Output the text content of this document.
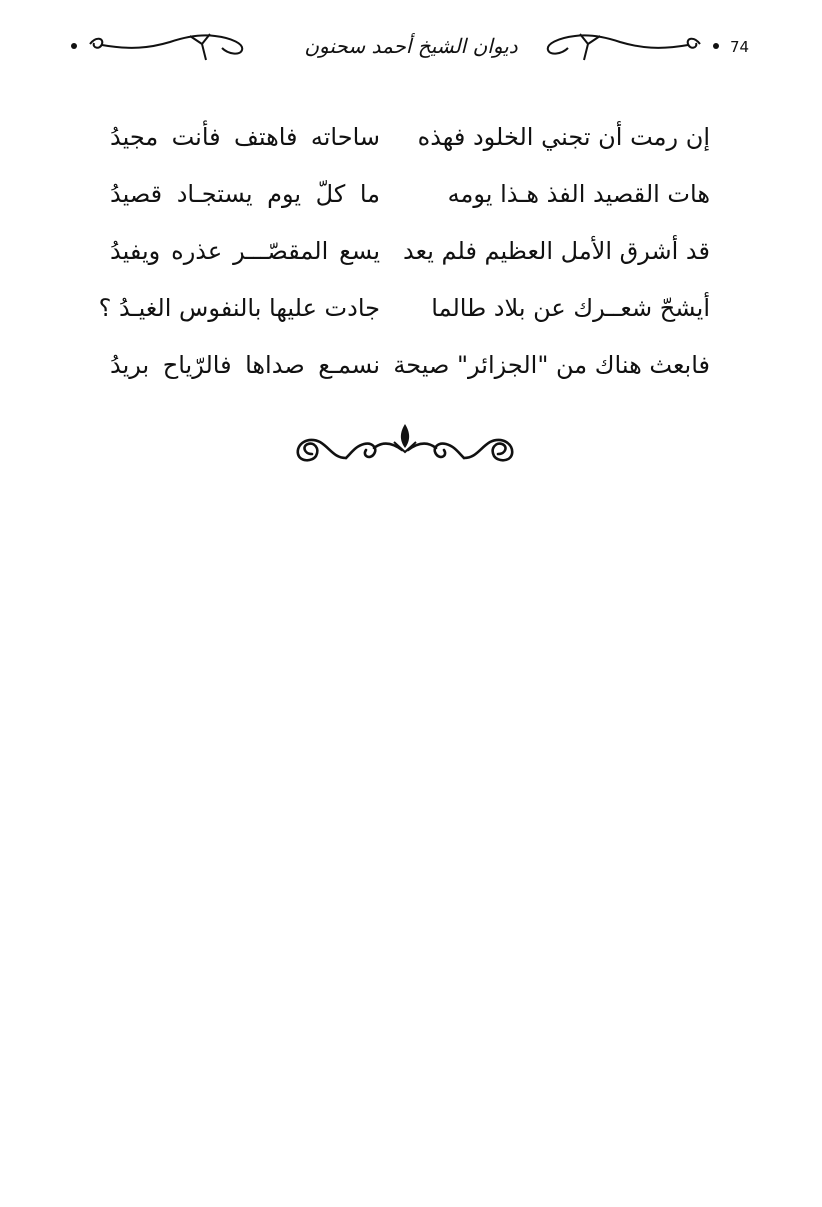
74
ديوان الشيخ أحمد سحنون
إن رمت أن تجني الخلود فهذه
ساحاته فاهتف فأنت مجيدُ
هات القصيد الفذ هـذا يومه
ما كلّ يوم يستجـاد قصيدُ
قد أشرق الأمل العظيم فلم يعد
يسع المقصّـــر عذره ويفيدُ
أيشحّ شعــرك عن بلاد طالما
جادت عليها بالنفوس الغيـدُ ؟
فابعث هناك من "الجزائر" صيحة
نسمـع صداها فالرّياح بريدُ
